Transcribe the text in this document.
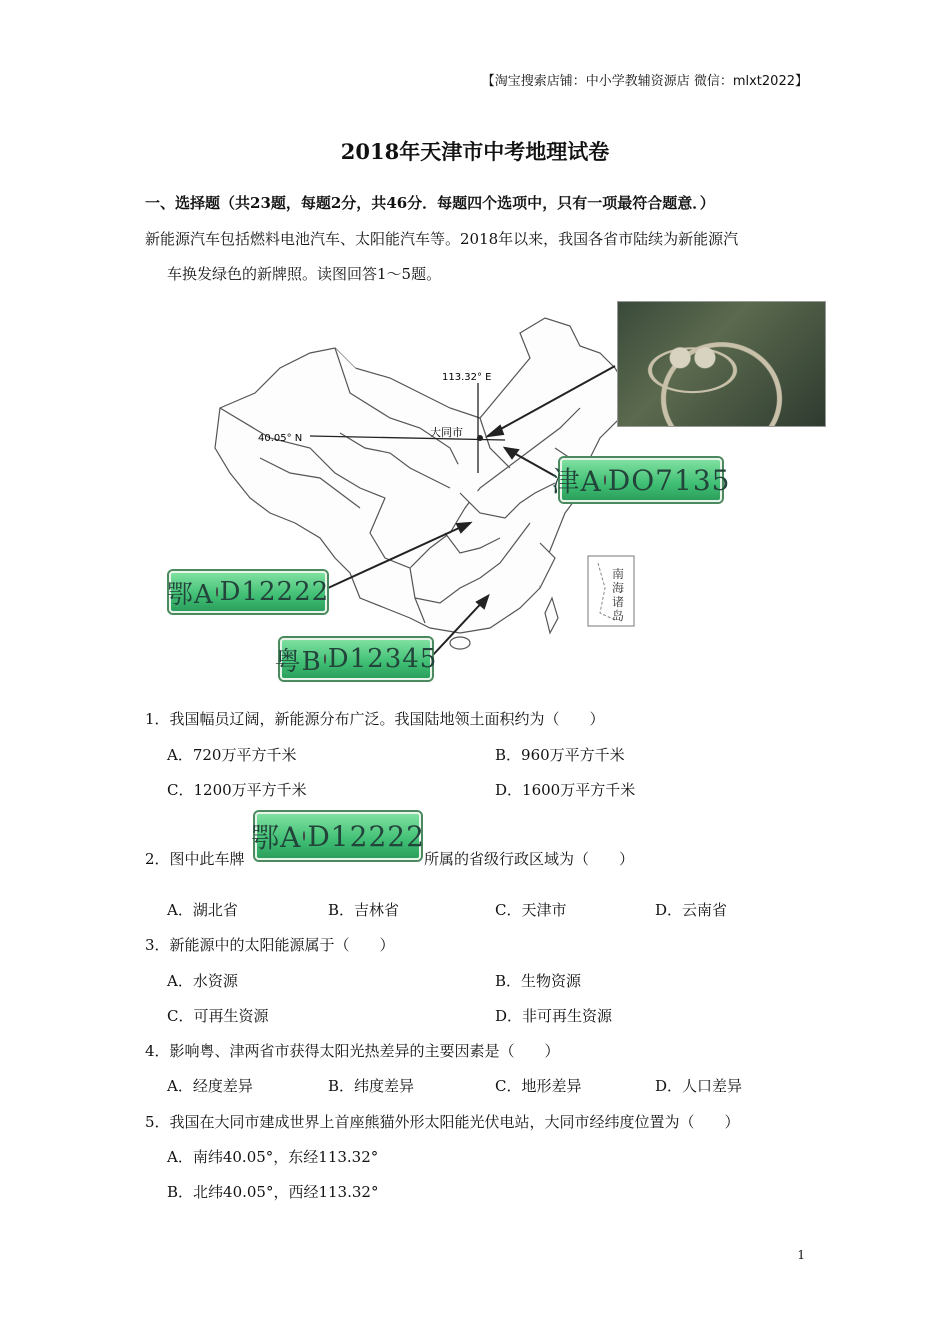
【淘宝搜索店铺：中小学教辅资源店 微信：mlxt2022】
2018年天津市中考地理试卷
一、选择题（共23题，每题2分，共46分．每题四个选项中，只有一项最符合题意．）
新能源汽车包括燃料电池汽车、太阳能汽车等。2018年以来，我国各省市陆续为新能源汽
车换发绿色的新牌照。读图回答1～5题。
113.32° E
40.05° N	大同市
南海诸岛
津A DO7135
鄂A D12222
粤B D12345
1．我国幅员辽阔，新能源分布广泛。我国陆地领土面积约为（　　）
A．720万平方千米	B．960万平方千米
C．1200万平方千米	D．1600万平方千米
2．图中此车牌
鄂A D12222
所属的省级行政区域为（　　）
A．湖北省	B．吉林省	C．天津市	D．云南省
3．新能源中的太阳能源属于（　　）
A．水资源	B．生物资源
C．可再生资源	D．非可再生资源
4．影响粤、津两省市获得太阳光热差异的主要因素是（　　）
A．经度差异	B．纬度差异	C．地形差异	D．人口差异
5．我国在大同市建成世界上首座熊猫外形太阳能光伏电站，大同市经纬度位置为（　　）
A．南纬40.05°，东经113.32°
B．北纬40.05°，西经113.32°
1
